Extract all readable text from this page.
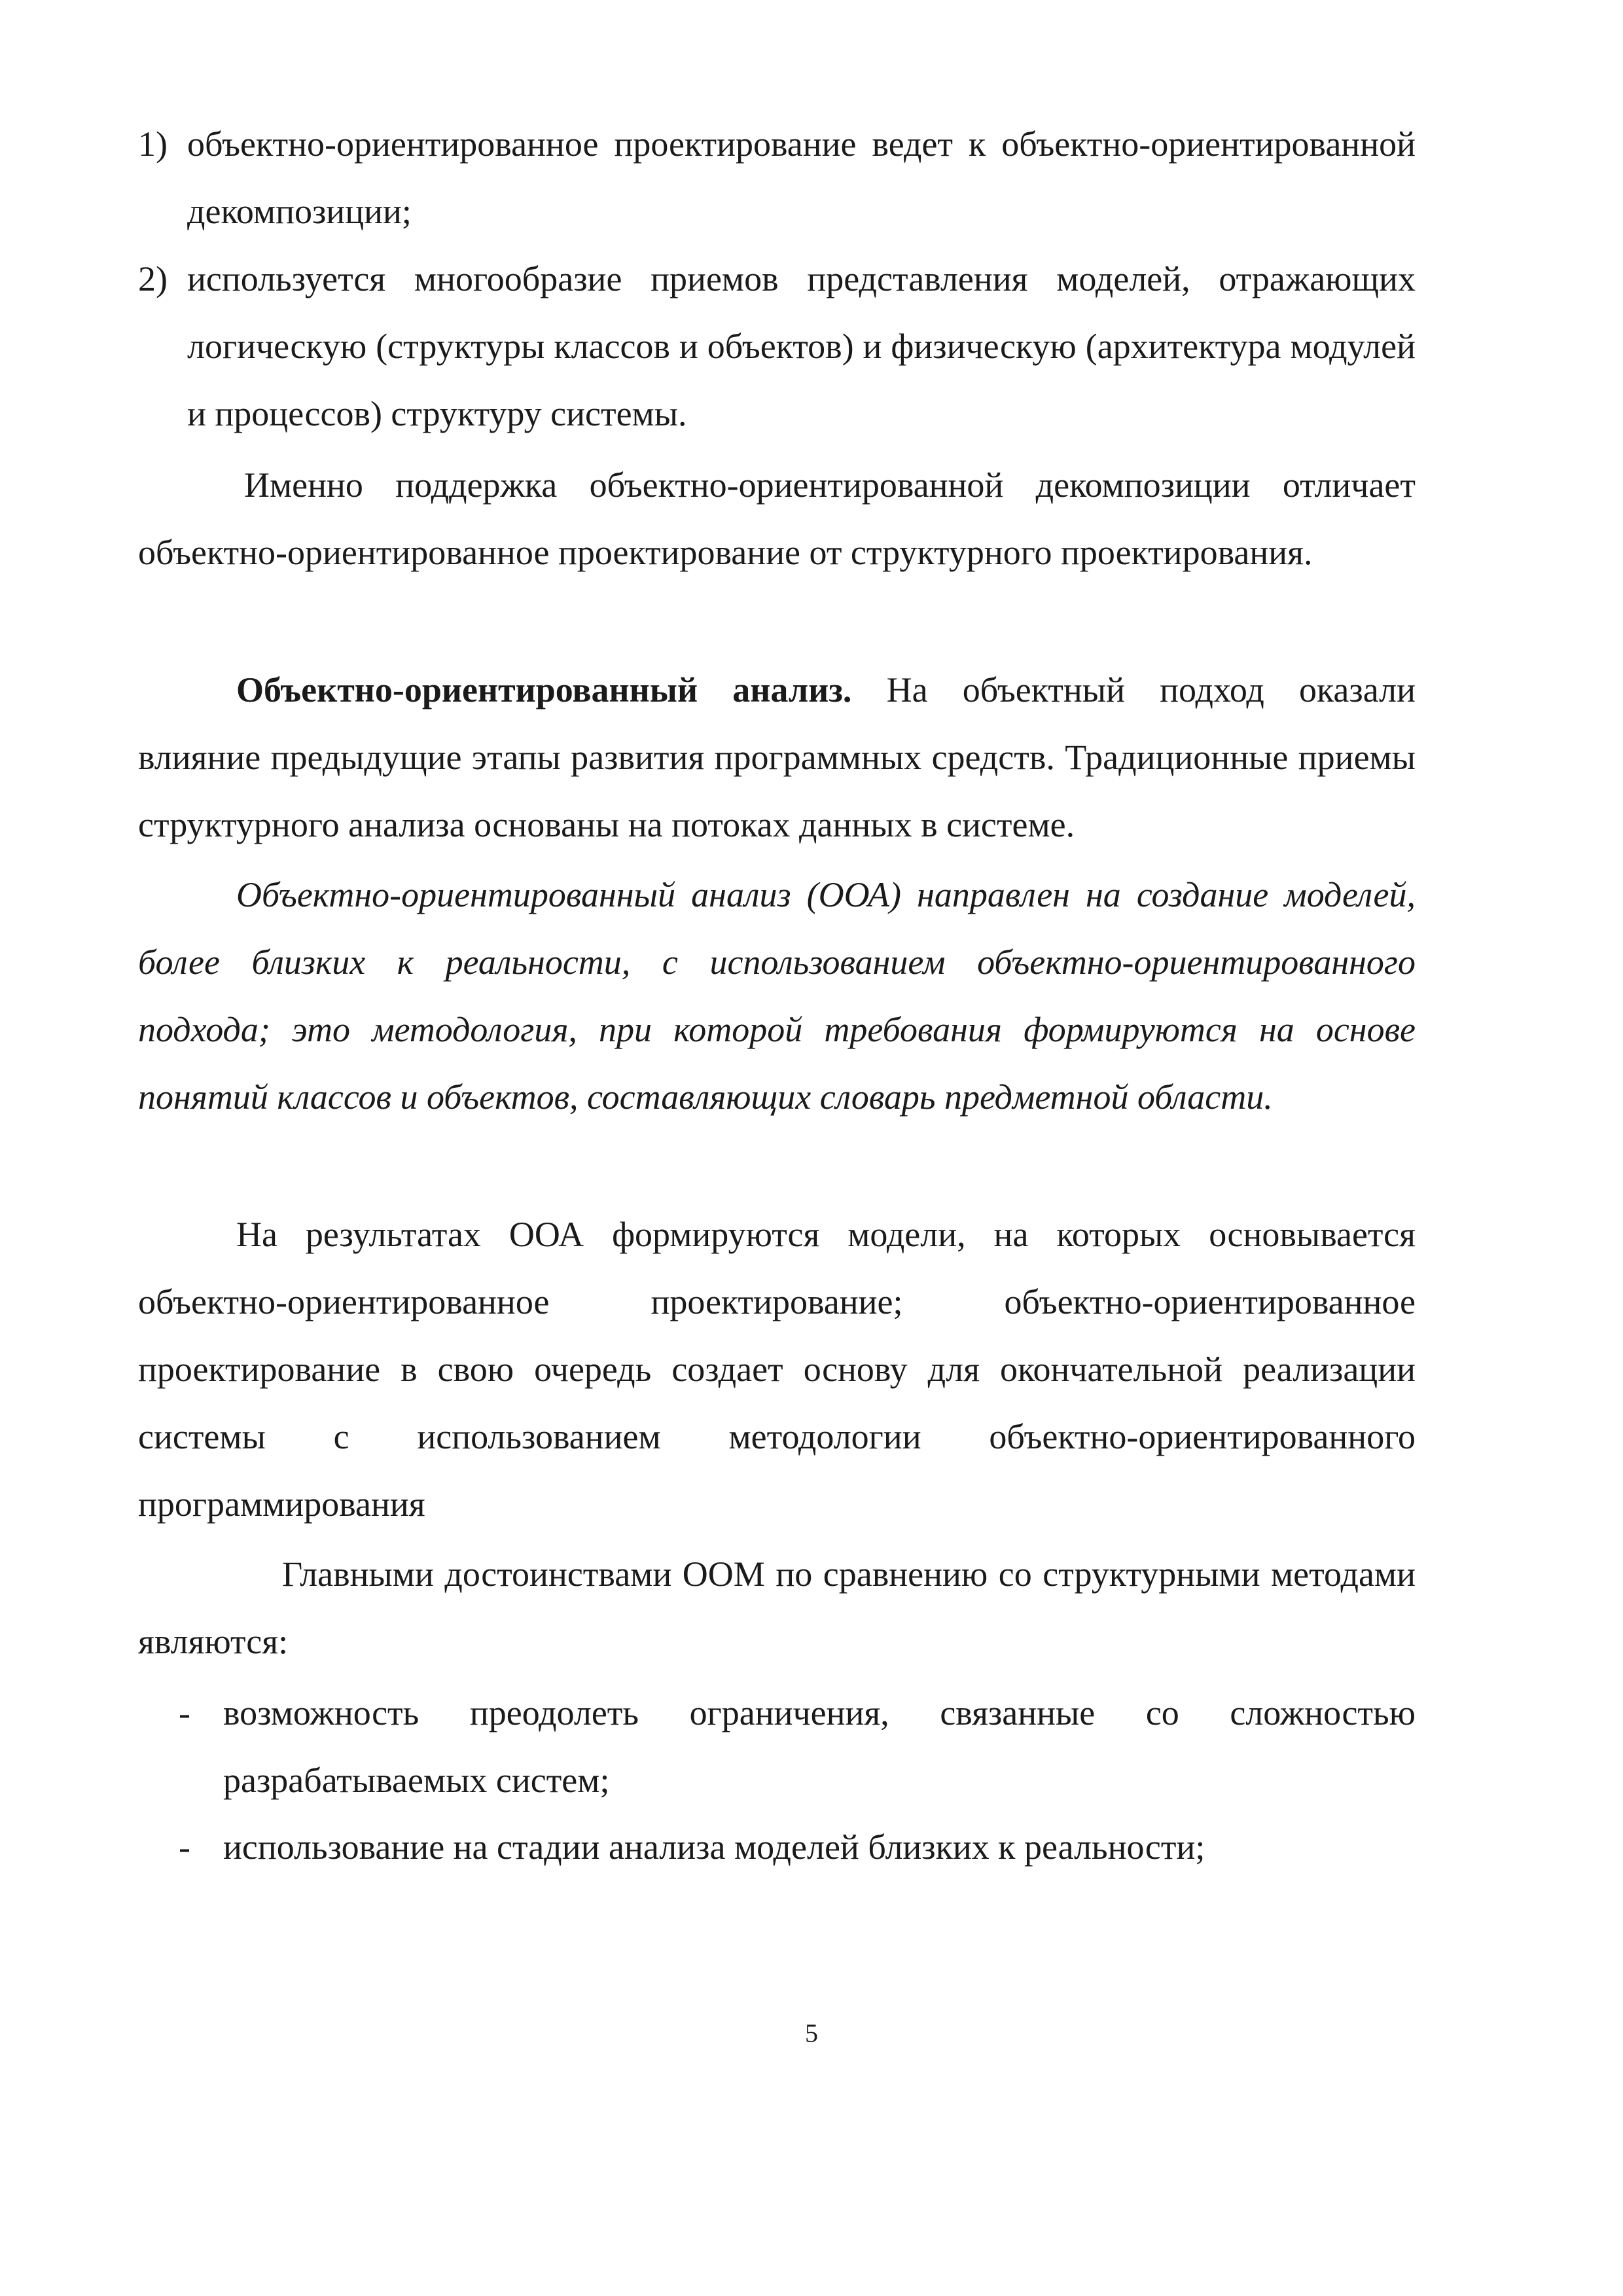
1) объектно-ориентированное проектирование ведет к объектно-ориентированной декомпозиции;
2) используется многообразие приемов представления моделей, отражающих логическую (структуры классов и объектов) и физическую (архитектура модулей и процессов) структуру системы.

Именно поддержка объектно-ориентированной декомпозиции отличает объектно-ориентированное проектирование от структурного проектирования.

Объектно-ориентированный анализ. На объектный подход оказали влияние предыдущие этапы развития программных средств. Традиционные приемы структурного анализа основаны на потоках данных в системе.

Объектно-ориентированный анализ (ООА) направлен на создание моделей, более близких к реальности, с использованием объектно-ориентированного подхода; это методология, при которой требования формируются на основе понятий классов и объектов, составляющих словарь предметной области.

На результатах ООА формируются модели, на которых основывается объектно-ориентированное проектирование; объектно-ориентированное проектирование в свою очередь создает основу для окончательной реализации системы с использованием методологии объектно-ориентированного программирования

Главными достоинствами ООМ по сравнению со структурными методами являются:

- возможность преодолеть ограничения, связанные со сложностью разрабатываемых систем;
- использование на стадии анализа моделей близких к реальности;
5
